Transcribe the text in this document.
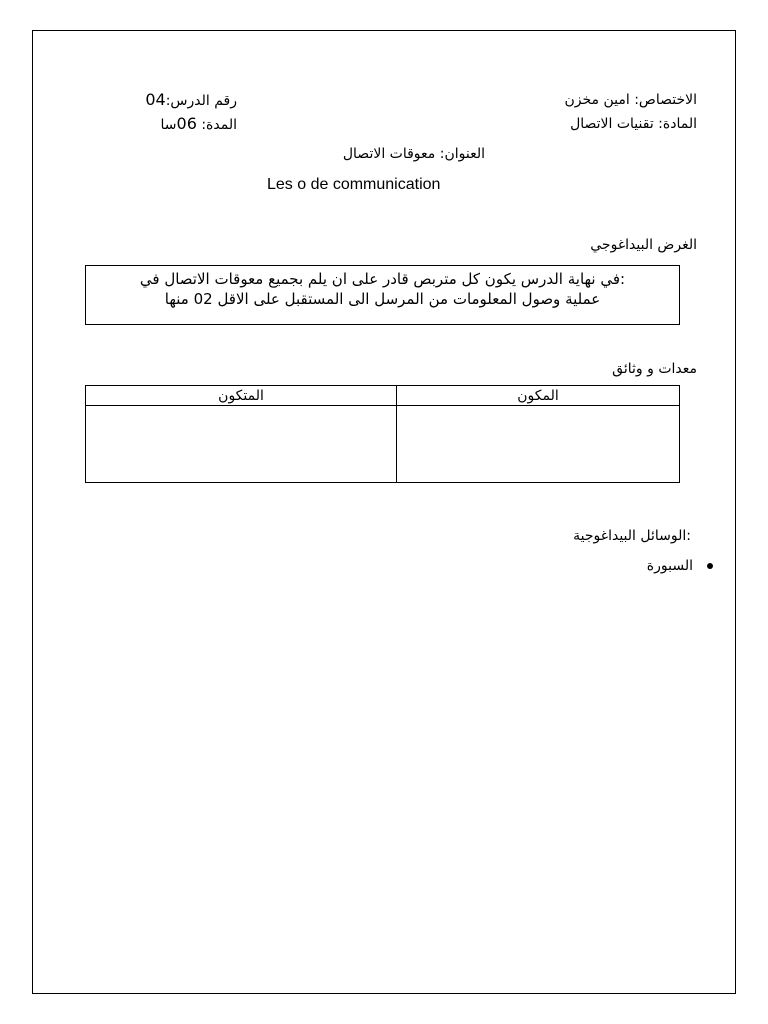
الاختصاص: امين مخزن
رقم الدرس:04
المادة: تقنيات الاتصال
المدة: 06سا
العنوان: معوقات الاتصال
Les o de communication
الغرض البيداغوجي
:في نهاية الدرس يكون كل متربص قادر على ان يلم بجميع معوقات الاتصال في
عملية وصول المعلومات من المرسل الى المستقبل على الاقل 02 منها
معدات و وثائق
المكون	المتكون

:الوسائل البيداغوجية
السبورة
